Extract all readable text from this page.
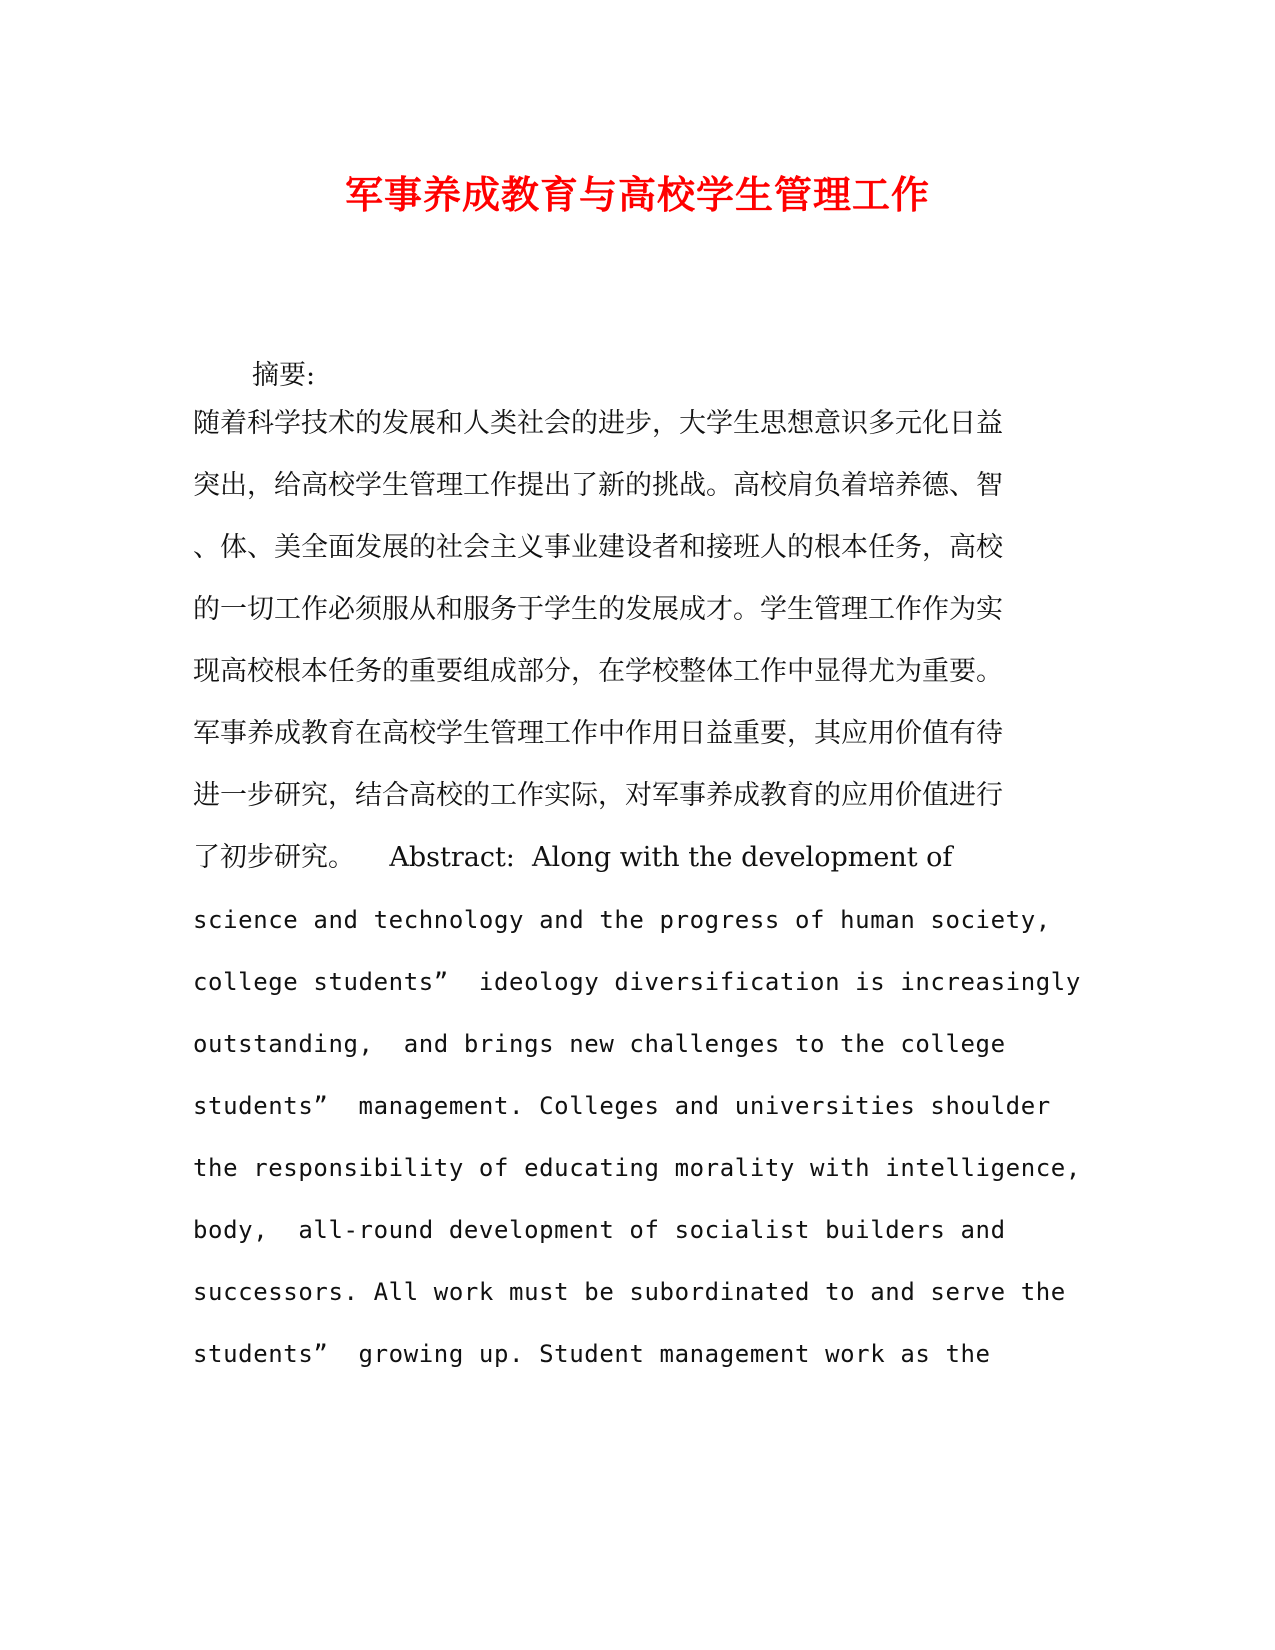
军事养成教育与高校学生管理工作
摘要:
随着科学技术的发展和人类社会的进步，大学生思想意识多元化日益
突出，给高校学生管理工作提出了新的挑战。高校肩负着培养德、智
、体、美全面发展的社会主义事业建设者和接班人的根本任务，高校
的一切工作必须服从和服务于学生的发展成才。学生管理工作作为实
现高校根本任务的重要组成部分，在学校整体工作中显得尤为重要。
军事养成教育在高校学生管理工作中作用日益重要，其应用价值有待
进一步研究，结合高校的工作实际，对军事养成教育的应用价值进行
了初步研究。    Abstract:  Along with the development of
science and technology and the progress of human society,
college students”  ideology diversification is increasingly
outstanding,  and brings new challenges to the college
students”  management. Colleges and universities shoulder
the responsibility of educating morality with intelligence,
body,  all-round development of socialist builders and
successors. All work must be subordinated to and serve the
students”  growing up. Student management work as the
